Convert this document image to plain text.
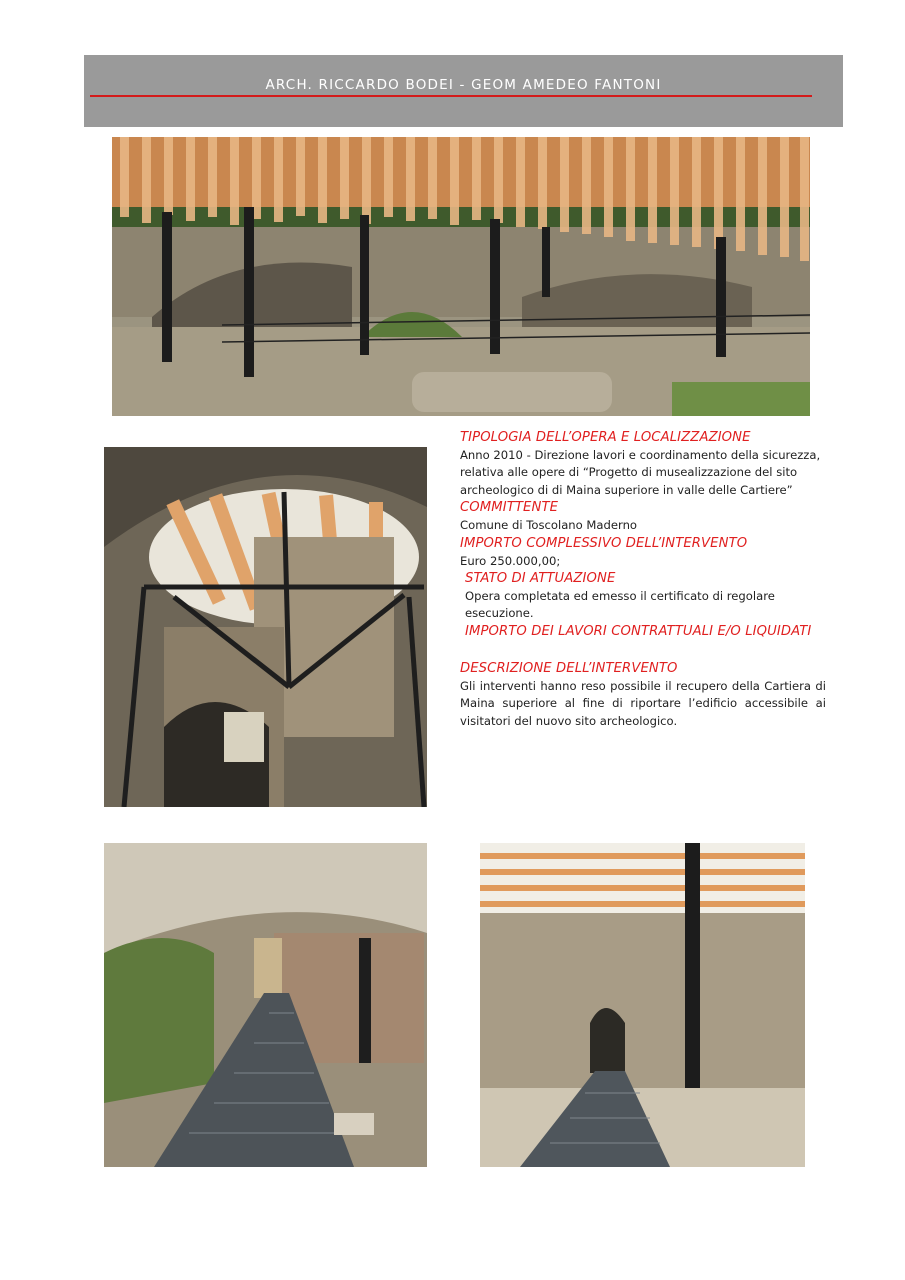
ARCH. RICCARDO BODEI - GEOM AMEDEO FANTONI
TIPOLOGIA DELL’OPERA E LOCALIZZAZIONE

Anno 2010 - Direzione lavori e coordinamento della sicurezza, relativa alle opere di “Progetto di musealizzazione del sito archeologico di di Maina superiore in valle delle Cartiere”

COMMITTENTE

Comune di Toscolano Maderno

IMPORTO COMPLESSIVO DELL’INTERVENTO

Euro 250.000,00;

STATO DI ATTUAZIONE

Opera completata ed emesso il certificato di regolare esecuzione.

IMPORTO DEI LAVORI CONTRATTUALI E/O LIQUIDATI

DESCRIZIONE DELL’INTERVENTO

Gli interventi hanno reso possibile il recupero della Cartiera di Maina superiore al fine di riportare l’edificio accessibile ai visitatori del nuovo sito archeologico.
